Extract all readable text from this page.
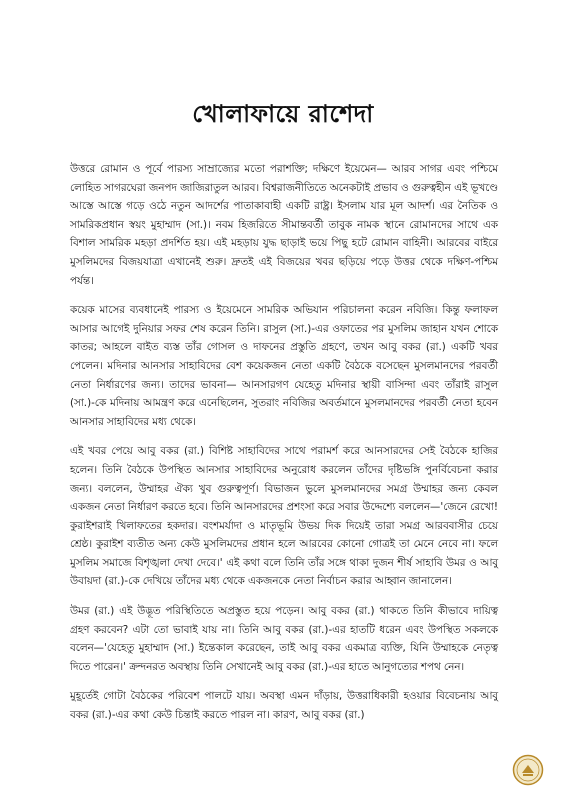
খোলাফায়ে রাশেদা

উত্তরে রোমান ও পূর্বে পারস্য সাম্রাজ্যের মতো পরাশক্তি; দক্ষিণে ইয়েমেন— আরব সাগর এবং পশ্চিমে লোহিত সাগরঘেরা জনপদ জাজিরাতুল আরব। বিশ্বরাজনীতিতে অনেকটাই প্রভাব ও গুরুত্বহীন এই ভূখণ্ডে আস্তে আস্তে গড়ে ওঠে নতুন আদর্শের পাতাকাবাহী একটি রাষ্ট্র। ইসলাম যার মূল আদর্শ। এর নৈতিক ও সামরিকপ্রধান স্বয়ং মুহাম্মাদ (সা.)। নবম হিজরিতে সীমান্তবর্তী তাবুক নামক স্থানে রোমানদের সাথে এক বিশাল সামরিক মহড়া প্রদর্শিত হয়। এই মহড়ায় যুদ্ধ ছাড়াই ভয়ে পিছু হটে রোমান বাহিনী। আরবের বাইরে মুসলিমদের বিজয়যাত্রা এখানেই শুরু। দ্রুতই এই বিজয়ের খবর ছড়িয়ে পড়ে উত্তর থেকে দক্ষিণ-পশ্চিম পর্যন্ত।

কয়েক মাসের ব্যবধানেই পারস্য ও ইয়েমেনে সামরিক অভিযান পরিচালনা করেন নবিজি। কিন্তু ফলাফল আসার আগেই দুনিয়ার সফর শেষ করেন তিনি। রাসুল (সা.)-এর ওফাতের পর মুসলিম জাহান যখন শোকে কাতর; আহলে বাইত ব্যস্ত তাঁর গোসল ও দাফনের প্রস্তুতি গ্রহণে, তখন আবু বকর (রা.) একটি খবর পেলেন। মদিনার আনসার সাহাবিদের বেশ কয়েকজন নেতা একটি বৈঠকে বসেছেন মুসলমানদের পরবর্তী নেতা নির্ধারণের জন্য। তাদের ভাবনা— আনসারগণ যেহেতু মদিনার স্থায়ী বাসিন্দা এবং তাঁরাই রাসুল (সা.)-কে মদিনায় আমন্ত্রণ করে এনেছিলেন, সুতরাং নবিজির অবর্তমানে মুসলমানদের পরবর্তী নেতা হবেন আনসার সাহাবিদের মধ্য থেকে।

এই খবর পেয়ে আবু বকর (রা.) বিশিষ্ট সাহাবিদের সাথে পরামর্শ করে আনসারদের সেই বৈঠকে হাজির হলেন। তিনি বৈঠকে উপস্থিত আনসার সাহাবিদের অনুরোধ করলেন তাঁদের দৃষ্টিভঙ্গি পুনর্বিবেচনা করার জন্য। বললেন, উম্মাহর ঐক্য খুব গুরুত্বপূর্ণ। বিভাজন ভুলে মুসলমানদের সমগ্র উম্মাহর জন্য কেবল একজন নেতা নির্ধারণ করতে হবে। তিনি আনসারদের প্রশংসা করে সবার উদ্দেশ্যে বললেন—'জেনে রেখো! কুরাইশরাই খিলাফতের হকদার। বংশমর্যাদা ও মাতৃভূমি উভয় দিক দিয়েই তারা সমগ্র আরববাসীর চেয়ে শ্রেষ্ঠ। কুরাইশ ব্যতীত অন্য কেউ মুসলিমদের প্রধান হলে আরবের কোনো গোত্রই তা মেনে নেবে না। ফলে মুসলিম সমাজে বিশৃঙ্খলা দেখা দেবে।' এই কথা বলে তিনি তাঁর সঙ্গে থাকা দুজন শীর্ষ সাহাবি উমর ও আবু উবায়দা (রা.)-কে দেখিয়ে তাঁদের মধ্য থেকে একজনকে নেতা নির্বাচন করার আহ্বান জানালেন।

উমর (রা.) এই উদ্ভূত পরিস্থিতিতে অপ্রস্তুত হয়ে পড়েন। আবু বকর (রা.) থাকতে তিনি কীভাবে দায়িত্ব গ্রহণ করবেন? এটা তো ভাবাই যায় না। তিনি আবু বকর (রা.)-এর হাতটি ধরেন এবং উপস্থিত সকলকে বলেন—'যেহেতু মুহাম্মাদ (সা.) ইন্তেকাল করেছেন, তাই আবু বকর একমাত্র ব্যক্তি, যিনি উম্মাহকে নেতৃত্ব দিতে পারেন।' ক্রন্দনরত অবস্থায় তিনি সেখানেই আবু বকর (রা.)-এর হাতে আনুগত্যের শপথ নেন।

মুহূর্তেই গোটা বৈঠকের পরিবেশ পালটে যায়। অবস্থা এমন দাঁড়ায়, উত্তরাধিকারী হওয়ার বিবেচনায় আবু বকর (রা.)-এর কথা কেউ চিন্তাই করতে পারল না। কারণ, আবু বকর (রা.)
